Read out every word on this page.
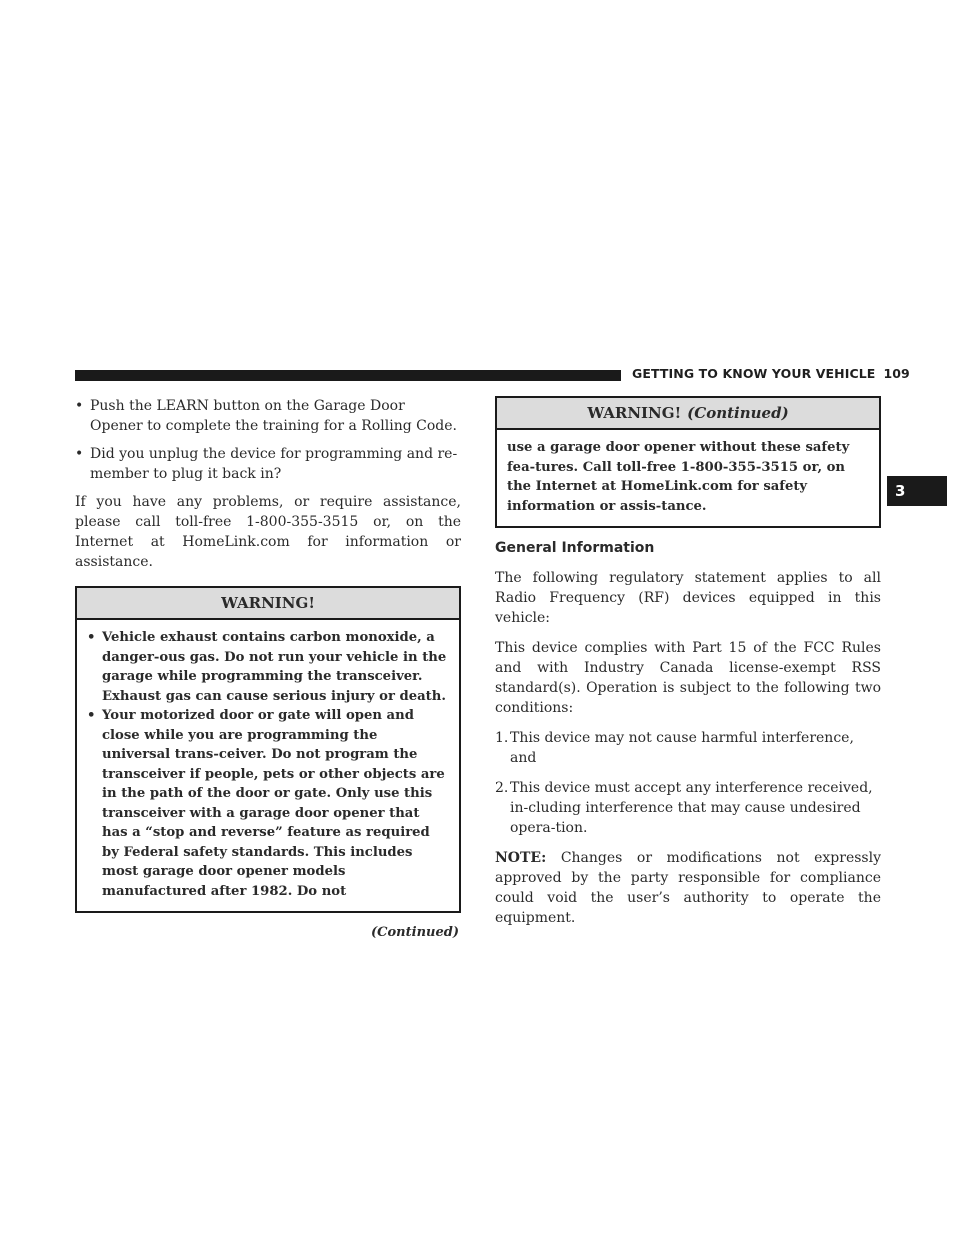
GETTING TO KNOW YOUR VEHICLE 109
3
• Push the LEARN button on the Garage Door Opener to complete the training for a Rolling Code.

• Did you unplug the device for programming and re-member to plug it back in?

If you have any problems, or require assistance, please call toll-free 1-800-355-3515 or, on the Internet at HomeLink.com for information or assistance.

WARNING!
• Vehicle exhaust contains carbon monoxide, a danger-ous gas. Do not run your vehicle in the garage while programming the transceiver. Exhaust gas can cause serious injury or death.

• Your motorized door or gate will open and close while you are programming the universal trans-ceiver. Do not program the transceiver if people, pets or other objects are in the path of the door or gate. Only use this transceiver with a garage door opener that has a “stop and reverse” feature as required by Federal safety standards. This includes most garage door opener models manufactured after 1982. Do not

(Continued)
WARNING! (Continued)
use a garage door opener without these safety fea-tures. Call toll-free 1-800-355-3515 or, on the Internet at HomeLink.com for safety information or assis-tance.
General Information

The following regulatory statement applies to all Radio Frequency (RF) devices equipped in this vehicle:

This device complies with Part 15 of the FCC Rules and with Industry Canada license-exempt RSS standard(s). Operation is subject to the following two conditions:

1. This device may not cause harmful interference, and

2. This device must accept any interference received, in-cluding interference that may cause undesired opera-tion.

NOTE: Changes or modifications not expressly approved by the party responsible for compliance could void the user’s authority to operate the equipment.
